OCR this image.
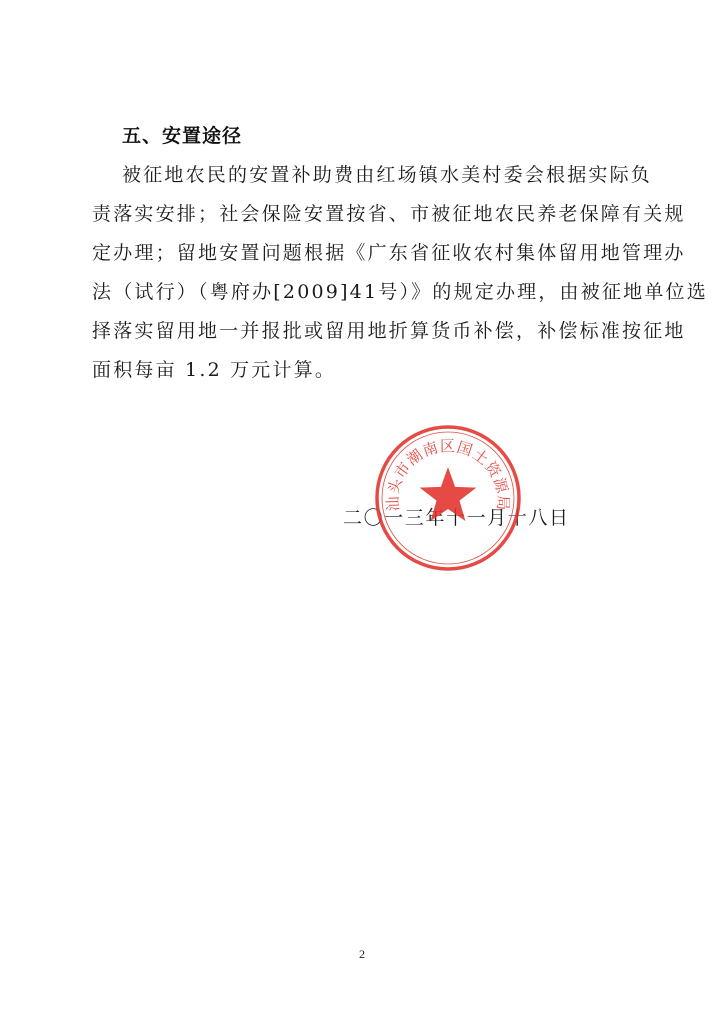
五、安置途径
被征地农民的安置补助费由红场镇水美村委会根据实际负
责落实安排；社会保险安置按省、市被征地农民养老保障有关规
定办理；留地安置问题根据《广东省征收农村集体留用地管理办
法（试行）（粤府办[2009]41号）》的规定办理，由被征地单位选
择落实留用地一并报批或留用地折算货币补偿，补偿标准按征地
面积每亩 1.2 万元计算。
二〇一三年十一月十八日
汕头市潮南区国土资源局
2
